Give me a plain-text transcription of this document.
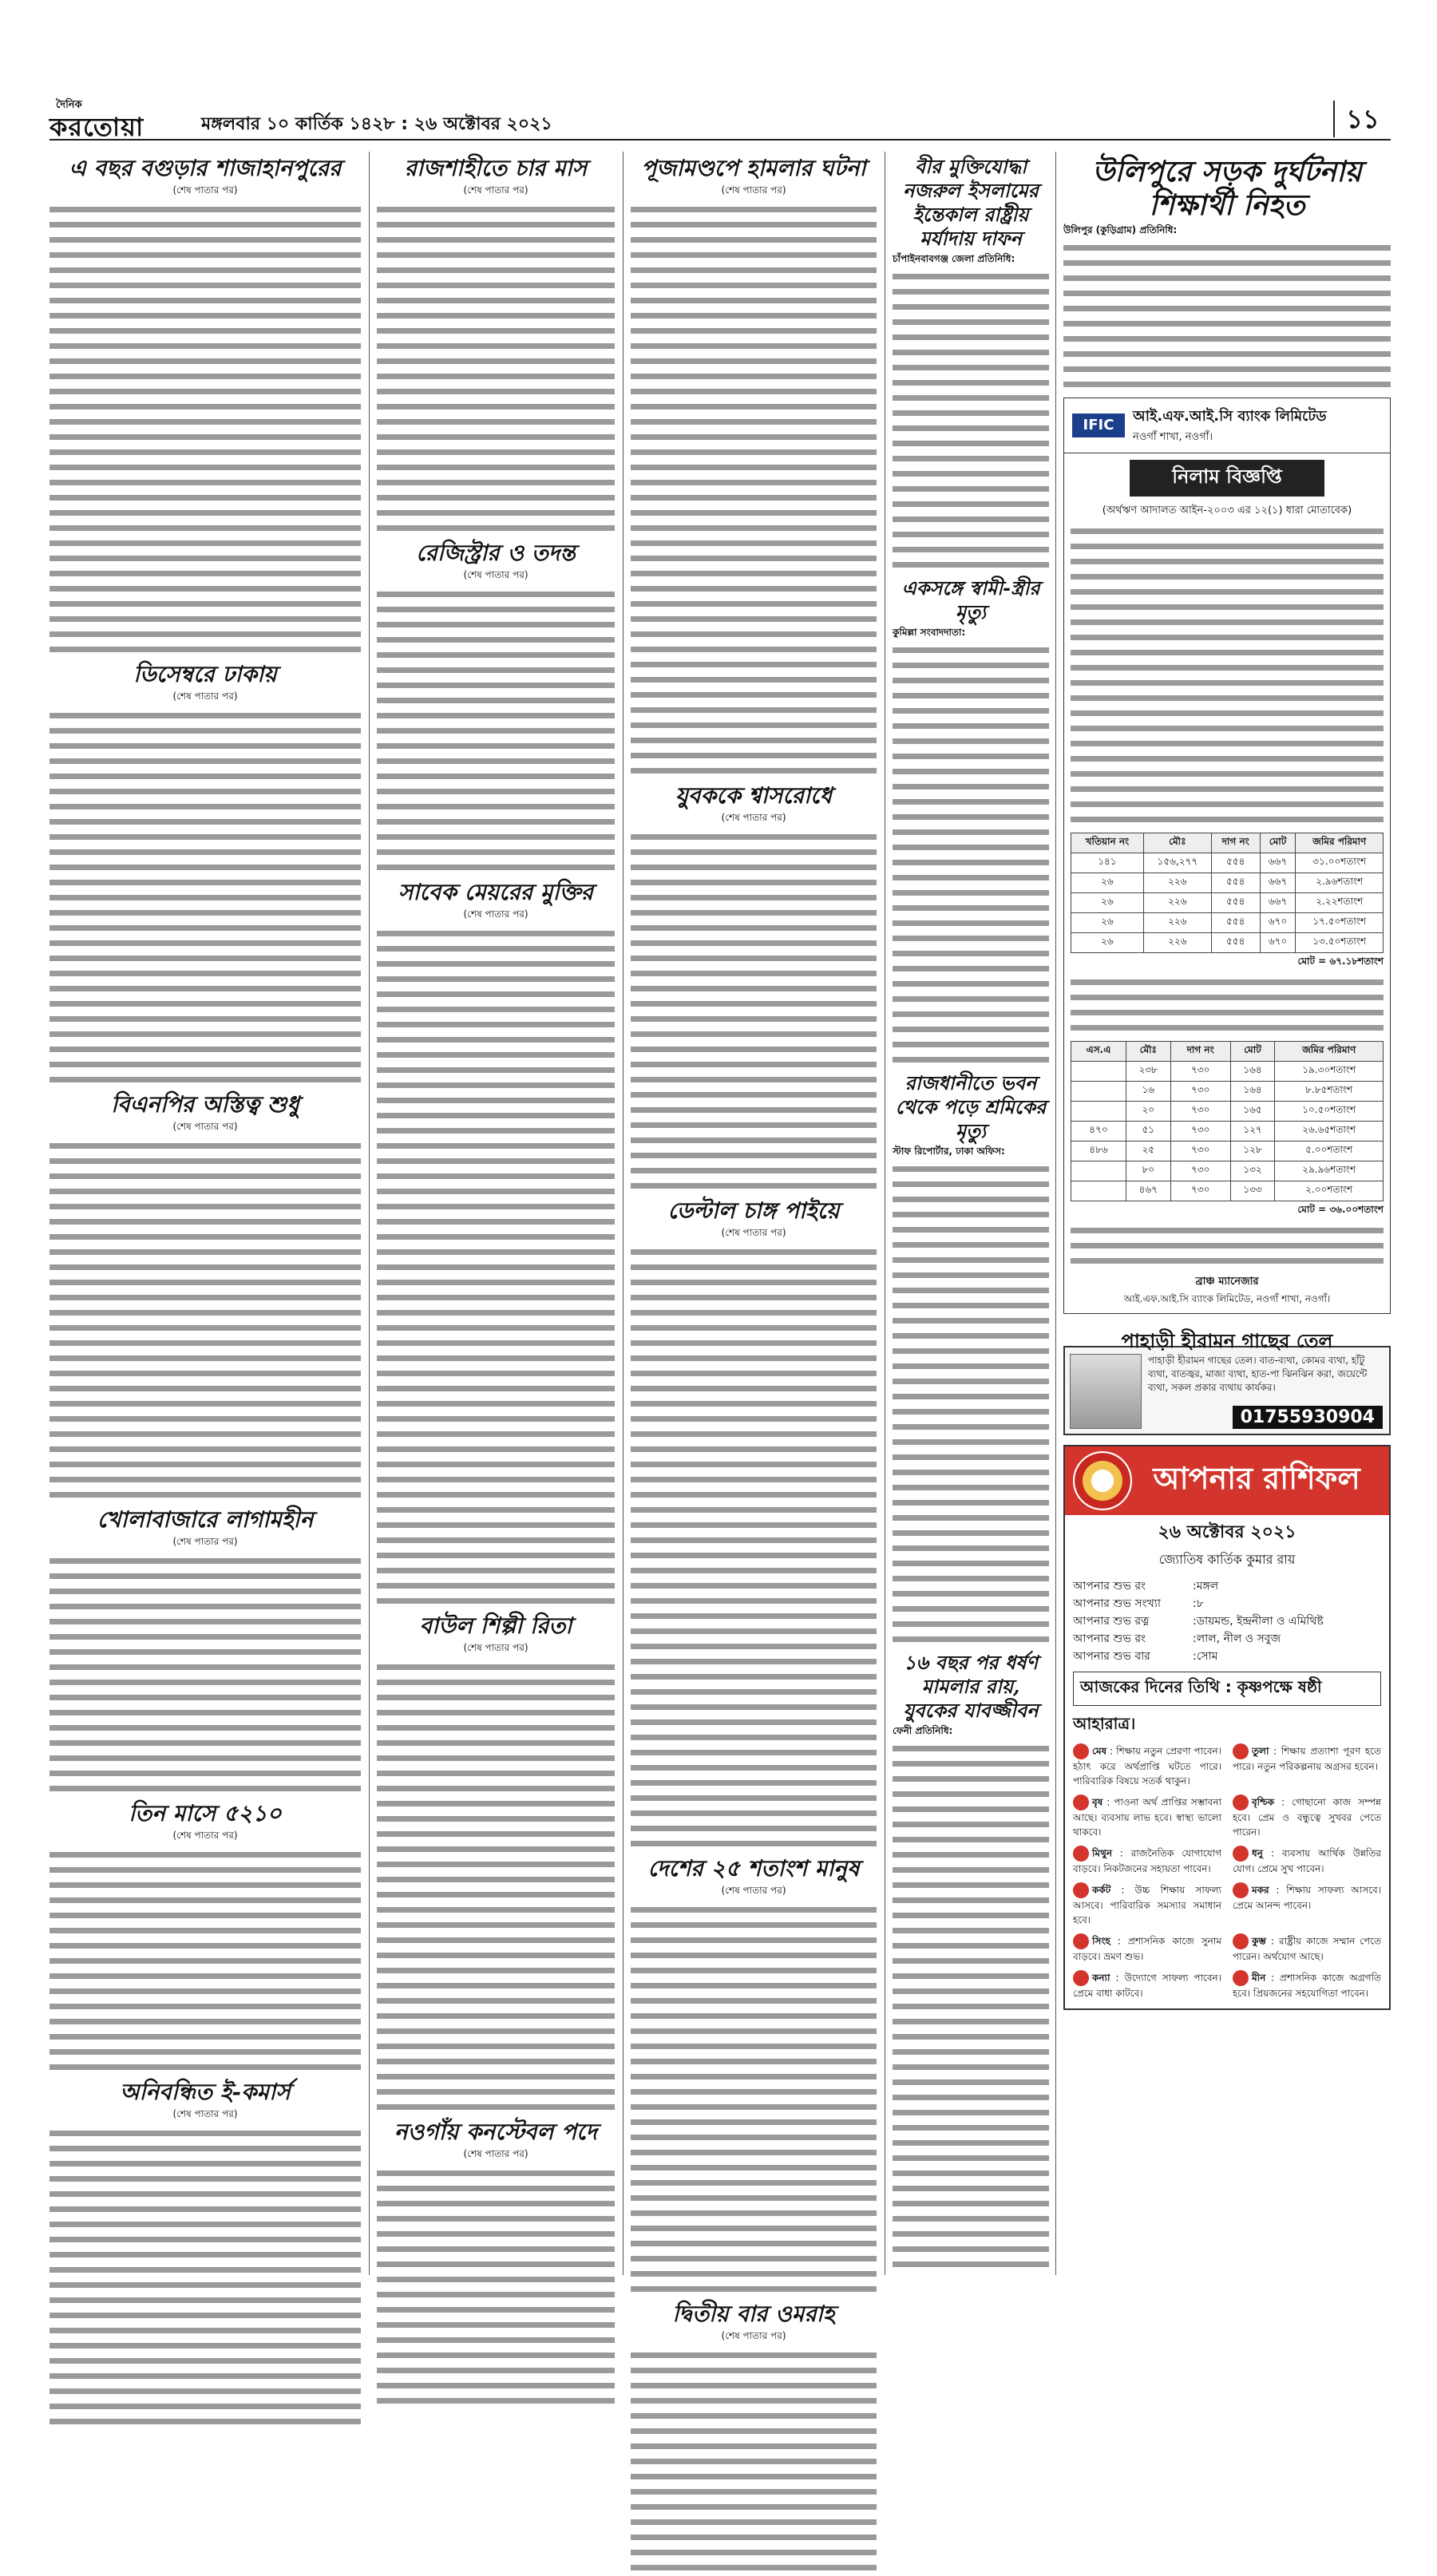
দৈনিক
করতোয়া	মঙ্গলবার ১০ কার্তিক ১৪২৮ : ২৬ অক্টোবর ২০২১	১১
এ বছর বগুড়ার শাজাহানপুরের
(শেষ পাতার পর)
ডিসেম্বরে ঢাকায়
(শেষ পাতার পর)
বিএনপির অস্তিত্ব শুধু
(শেষ পাতার পর)
খোলাবাজারে লাগামহীন
(শেষ পাতার পর)
তিন মাসে ৫২১০
(শেষ পাতার পর)
অনিবন্ধিত ই-কমার্স
(শেষ পাতার পর)
রাজশাহীতে চার মাস
(শেষ পাতার পর)
রেজিস্ট্রার ও তদন্ত
(শেষ পাতার পর)
সাবেক মেয়রের মুক্তির
(শেষ পাতার পর)
বাউল শিল্পী রিতা
(শেষ পাতার পর)
নওগাঁয় কনস্টেবল পদে
(শেষ পাতার পর)
পূজামণ্ডপে হামলার ঘটনা
(শেষ পাতার পর)
যুবককে শ্বাসরোধে
(শেষ পাতার পর)
ডেল্টাল চাঙ্গ পাইয়ে
(শেষ পাতার পর)
দেশের ২৫ শতাংশ মানুষ
(শেষ পাতার পর)
দ্বিতীয় বার ওমরাহ
(শেষ পাতার পর)
বীর মুক্তিযোদ্ধা নজরুল ইসলামের ইন্তেকাল রাষ্ট্রীয় মর্যাদায় দাফন
চাঁপাইনবাবগঞ্জ জেলা প্রতিনিধি:
একসঙ্গে স্বামী-স্ত্রীর মৃত্যু
কুমিল্লা সংবাদদাতা:
রাজধানীতে ভবন থেকে পড়ে শ্রমিকের মৃত্যু
স্টাফ রিপোর্টার, ঢাকা অফিস:
১৬ বছর পর ধর্ষণ মামলার রায়, যুবকের যাবজ্জীবন
ফেনী প্রতিনিধি:
উলিপুরে সড়ক দুর্ঘটনায় শিক্ষার্থী নিহত
উলিপুর (কুড়িগ্রাম) প্রতিনিধি:
IFIC
আই.এফ.আই.সি ব্যাংক লিমিটেড
নওগাঁ শাখা, নওগাঁ।
নিলাম বিজ্ঞপ্তি
(অর্থঋণ আদালত আইন-২০০৩ এর ১২(১) ধারা মোতাবেক)
খতিয়ান নং	মৌঃ	দাগ নং	মোট	জমির পরিমাণ
১৪১	১৫৬,২৭৭	৫৫৪	৬৬৭	৩১.০০শতাংশ
২৬	২২৬	৫৫৪	৬৬৭	২.৯৬শতাংশ
২৬	২২৬	৫৫৪	৬৬৭	২.২২শতাংশ
২৬	২২৬	৫৫৪	৬৭০	১৭.৫০শতাংশ
২৬	২২৬	৫৫৪	৬৭০	১৩.৫০শতাংশ
মোট = ৬৭.১৮শতাংশ
এস.এ	মৌঃ	দাগ নং	মোট	জমির পরিমাণ
	২৩৮	৭৩০	১৬৪	১৯.৩০শতাংশ
	১৬	৭৩০	১৬৪	৮.৮৫শতাংশ
	২০	৭৩০	১৬৫	১০.৫০শতাংশ
৪৭০	৫১	৭৩০	১২৭	২৬.৬৫শতাংশ
৪৮৬	২৫	৭৩০	১২৮	৫.০০শতাংশ
	৮০	৭৩০	১৩২	২৯.৯৬শতাংশ
	৪৬৭	৭৩০	১৩৩	২.০০শতাংশ
মোট = ৩৬.০০শতাংশ
ব্রাঞ্চ ম্যানেজার
আই.এফ.আই.সি ব্যাংক লিমিটেড, নওগাঁ শাখা, নওগাঁ।
পাহাড়ী হীরামন গাছের তেল
পাহাড়ী হীরামন গাছের তেল। বাত-ব্যথা, কোমর ব্যথা, হাঁটু ব্যথা, বাতজ্বর, মাজা ব্যথা, হাত-পা ঝিনঝিন করা, জয়েন্টে ব্যথা, সকল প্রকার ব্যথায় কার্যকর।
01755930904
আপনার রাশিফল
২৬ অক্টোবর ২০২১
জ্যোতিষ কার্তিক কুমার রায়
আপনার শুভ রং	: মঙ্গল
আপনার শুভ সংখ্যা	: ৮
আপনার শুভ রত্ন	: ডায়মন্ড, ইন্দ্রনীলা ও এমিথিষ্ট
আপনার শুভ রং	: লাল, নীল ও সবুজ
আপনার শুভ বার	: সোম
আজকের দিনের তিথি : কৃষ্ণপক্ষে ষষ্ঠী
আহারাত্র।
মেষ : শিক্ষায় নতুন প্রেরণা পাবেন। হঠাৎ করে অর্থপ্রাপ্তি ঘটতে পারে। পারিবারিক বিষয়ে সতর্ক থাকুন।
তুলা : শিক্ষায় প্রত্যাশা পূরণ হতে পারে। নতুন পরিকল্পনায় অগ্রসর হবেন।
বৃষ : পাওনা অর্থ প্রাপ্তির সম্ভাবনা আছে। ব্যবসায় লাভ হবে। স্বাস্থ্য ভালো থাকবে।
বৃশ্চিক : গোছানো কাজ সম্পন্ন হবে। প্রেম ও বন্ধুত্বে সুখবর পেতে পারেন।
মিথুন : রাজনৈতিক যোগাযোগ বাড়বে। নিকটজনের সহায়তা পাবেন।
ধনু : ব্যবসায় আর্থিক উন্নতির যোগ। প্রেমে সুখ পাবেন।
কর্কট : উচ্চ শিক্ষায় সাফল্য আসবে। পারিবারিক সমস্যার সমাধান হবে।
মকর : শিক্ষায় সাফল্য আসবে। প্রেমে আনন্দ পাবেন।
সিংহ : প্রশাসনিক কাজে সুনাম বাড়বে। ভ্রমণ শুভ।
কুম্ভ : রাষ্ট্রীয় কাজে সম্মান পেতে পারেন। অর্থযোগ আছে।
কন্যা : উদ্যোগে সাফল্য পাবেন। প্রেমে বাধা কাটবে।
মীন : প্রশাসনিক কাজে অগ্রগতি হবে। প্রিয়জনের সহযোগিতা পাবেন।
